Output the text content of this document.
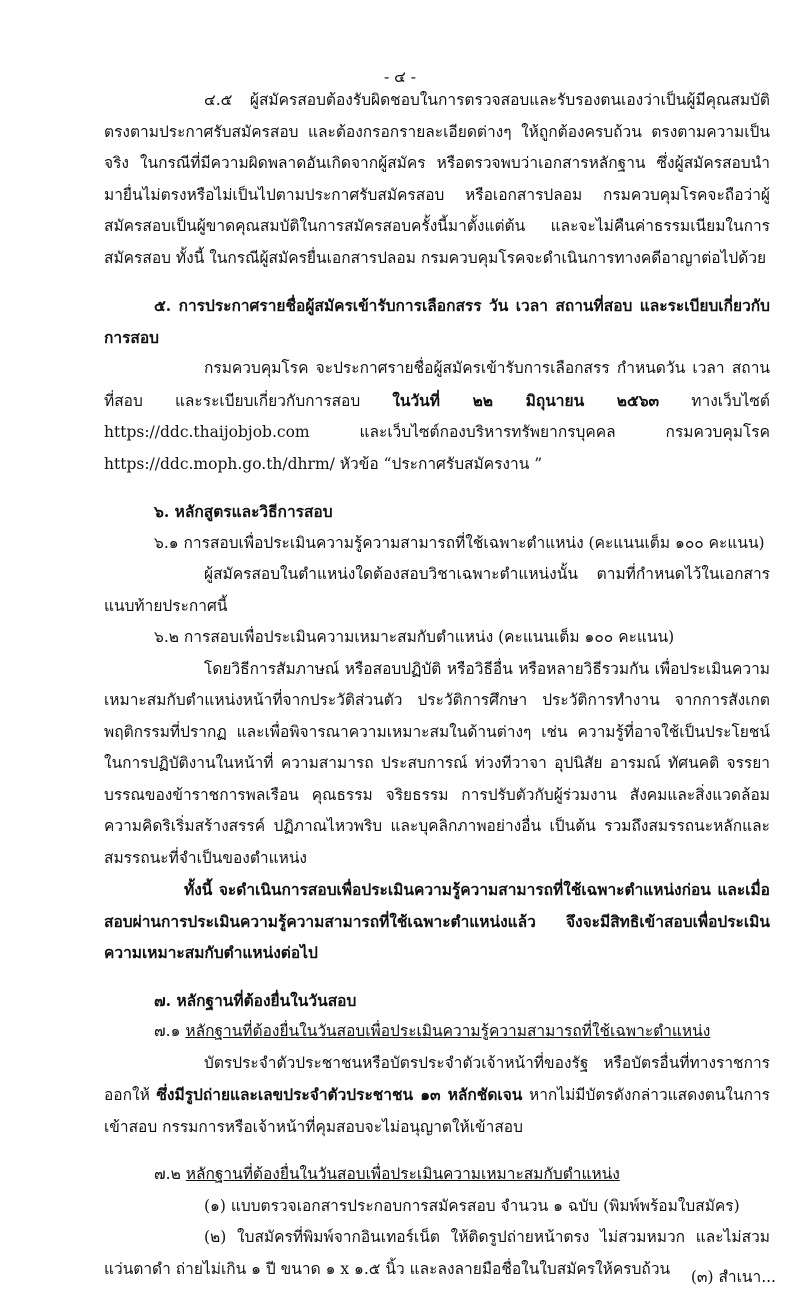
- ๔ -
๔.๕ ผู้สมัครสอบต้องรับผิดชอบในการตรวจสอบและรับรองตนเองว่าเป็นผู้มีคุณสมบัติตรงตามประกาศรับสมัครสอบ และต้องกรอกรายละเอียดต่างๆ ให้ถูกต้องครบถ้วน ตรงตามความเป็นจริง ในกรณีที่มีความผิดพลาดอันเกิดจากผู้สมัคร หรือตรวจพบว่าเอกสารหลักฐาน ซึ่งผู้สมัครสอบนำมายื่นไม่ตรงหรือไม่เป็นไปตามประกาศรับสมัครสอบ หรือเอกสารปลอม กรมควบคุมโรคจะถือว่าผู้สมัครสอบเป็นผู้ขาดคุณสมบัติในการสมัครสอบครั้งนี้มาตั้งแต่ต้น และจะไม่คืนค่าธรรมเนียมในการสมัครสอบ ทั้งนี้ ในกรณีผู้สมัครยื่นเอกสารปลอม กรมควบคุมโรคจะดำเนินการทางคดีอาญาต่อไปด้วย
๕. การประกาศรายชื่อผู้สมัครเข้ารับการเลือกสรร วัน เวลา สถานที่สอบ และระเบียบเกี่ยวกับการสอบ
กรมควบคุมโรค จะประกาศรายชื่อผู้สมัครเข้ารับการเลือกสรร กำหนดวัน เวลา สถานที่สอบ และระเบียบเกี่ยวกับการสอบ ในวันที่ ๒๒ มิถุนายน ๒๕๖๓ ทางเว็บไซต์ https://ddc.thaijobjob.com และเว็บไซต์กองบริหารทรัพยากรบุคคล กรมควบคุมโรค https://ddc.moph.go.th/dhrm/ หัวข้อ “ประกาศรับสมัครงาน ”
๖. หลักสูตรและวิธีการสอบ
๖.๑ การสอบเพื่อประเมินความรู้ความสามารถที่ใช้เฉพาะตำแหน่ง (คะแนนเต็ม ๑๐๐ คะแนน)
ผู้สมัครสอบในตำแหน่งใดต้องสอบวิชาเฉพาะตำแหน่งนั้น ตามที่กำหนดไว้ในเอกสารแนบท้ายประกาศนี้
๖.๒ การสอบเพื่อประเมินความเหมาะสมกับตำแหน่ง (คะแนนเต็ม ๑๐๐ คะแนน)
โดยวิธีการสัมภาษณ์ หรือสอบปฏิบัติ หรือวิธีอื่น หรือหลายวิธีรวมกัน เพื่อประเมินความเหมาะสมกับตำแหน่งหน้าที่จากประวัติส่วนตัว ประวัติการศึกษา ประวัติการทำงาน จากการสังเกตพฤติกรรมที่ปรากฏ และเพื่อพิจารณาความเหมาะสมในด้านต่างๆ เช่น ความรู้ที่อาจใช้เป็นประโยชน์ในการปฏิบัติงานในหน้าที่ ความสามารถ ประสบการณ์ ท่วงทีวาจา อุปนิสัย อารมณ์ ทัศนคติ จรรยาบรรณของข้าราชการพลเรือน คุณธรรม จริยธรรม การปรับตัวกับผู้ร่วมงาน สังคมและสิ่งแวดล้อม ความคิดริเริ่มสร้างสรรค์ ปฏิภาณไหวพริบ และบุคลิกภาพอย่างอื่น เป็นต้น รวมถึงสมรรถนะหลักและสมรรถนะที่จำเป็นของตำแหน่ง
ทั้งนี้ จะดำเนินการสอบเพื่อประเมินความรู้ความสามารถที่ใช้เฉพาะตำแหน่งก่อน และเมื่อสอบผ่านการประเมินความรู้ความสามารถที่ใช้เฉพาะตำแหน่งแล้ว จึงจะมีสิทธิเข้าสอบเพื่อประเมินความเหมาะสมกับตำแหน่งต่อไป
๗. หลักฐานที่ต้องยื่นในวันสอบ
๗.๑ หลักฐานที่ต้องยื่นในวันสอบเพื่อประเมินความรู้ความสามารถที่ใช้เฉพาะตำแหน่ง
บัตรประจำตัวประชาชนหรือบัตรประจำตัวเจ้าหน้าที่ของรัฐ หรือบัตรอื่นที่ทางราชการออกให้ ซึ่งมีรูปถ่ายและเลขประจำตัวประชาชน ๑๓ หลักชัดเจน หากไม่มีบัตรดังกล่าวแสดงตนในการเข้าสอบ กรรมการหรือเจ้าหน้าที่คุมสอบจะไม่อนุญาตให้เข้าสอบ
๗.๒ หลักฐานที่ต้องยื่นในวันสอบเพื่อประเมินความเหมาะสมกับตำแหน่ง
(๑) แบบตรวจเอกสารประกอบการสมัครสอบ จำนวน ๑ ฉบับ (พิมพ์พร้อมใบสมัคร)
(๒) ใบสมัครที่พิมพ์จากอินเทอร์เน็ต ให้ติดรูปถ่ายหน้าตรง ไม่สวมหมวก และไม่สวมแว่นตาดำ ถ่ายไม่เกิน ๑ ปี ขนาด ๑ x ๑.๕ นิ้ว และลงลายมือชื่อในใบสมัครให้ครบถ้วน	(๓) สำเนา...
